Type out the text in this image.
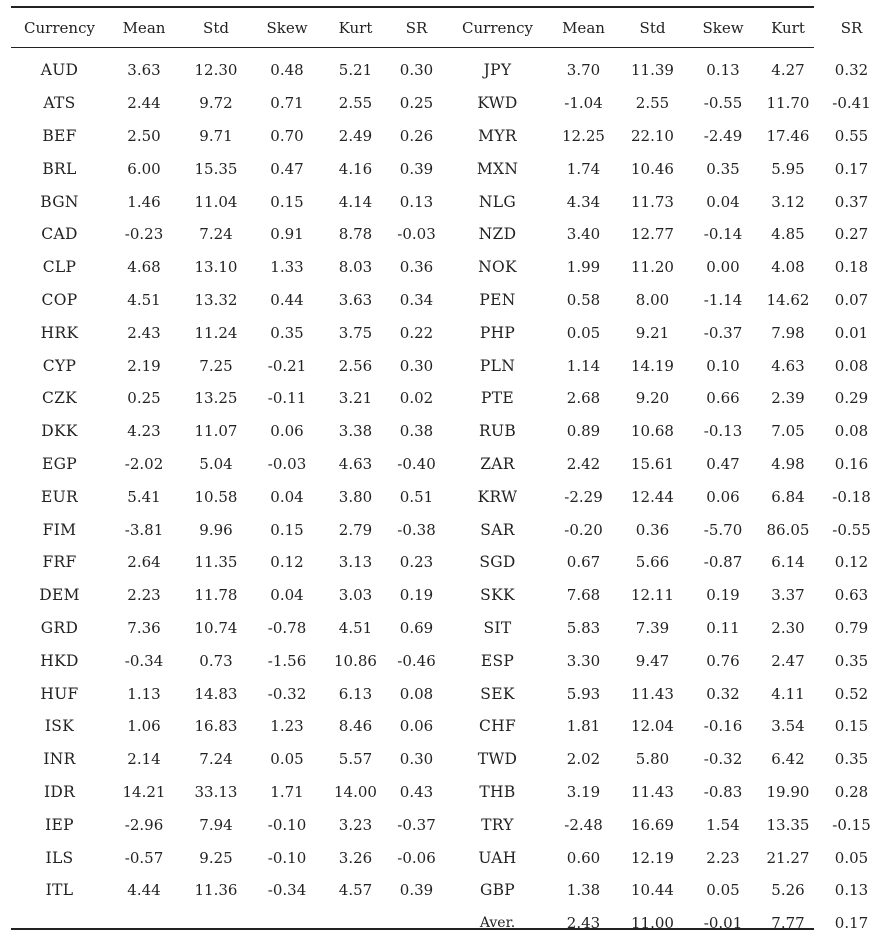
Currency	Mean	Std	Skew	Kurt	SR	Currency	Mean	Std	Skew	Kurt	SR
AUD	3.63	12.30	0.48	5.21	0.30	JPY	3.70	11.39	0.13	4.27	0.32
ATS	2.44	9.72	0.71	2.55	0.25	KWD	-1.04	2.55	-0.55	11.70	-0.41
BEF	2.50	9.71	0.70	2.49	0.26	MYR	12.25	22.10	-2.49	17.46	0.55
BRL	6.00	15.35	0.47	4.16	0.39	MXN	1.74	10.46	0.35	5.95	0.17
BGN	1.46	11.04	0.15	4.14	0.13	NLG	4.34	11.73	0.04	3.12	0.37
CAD	-0.23	7.24	0.91	8.78	-0.03	NZD	3.40	12.77	-0.14	4.85	0.27
CLP	4.68	13.10	1.33	8.03	0.36	NOK	1.99	11.20	0.00	4.08	0.18
COP	4.51	13.32	0.44	3.63	0.34	PEN	0.58	8.00	-1.14	14.62	0.07
HRK	2.43	11.24	0.35	3.75	0.22	PHP	0.05	9.21	-0.37	7.98	0.01
CYP	2.19	7.25	-0.21	2.56	0.30	PLN	1.14	14.19	0.10	4.63	0.08
CZK	0.25	13.25	-0.11	3.21	0.02	PTE	2.68	9.20	0.66	2.39	0.29
DKK	4.23	11.07	0.06	3.38	0.38	RUB	0.89	10.68	-0.13	7.05	0.08
EGP	-2.02	5.04	-0.03	4.63	-0.40	ZAR	2.42	15.61	0.47	4.98	0.16
EUR	5.41	10.58	0.04	3.80	0.51	KRW	-2.29	12.44	0.06	6.84	-0.18
FIM	-3.81	9.96	0.15	2.79	-0.38	SAR	-0.20	0.36	-5.70	86.05	-0.55
FRF	2.64	11.35	0.12	3.13	0.23	SGD	0.67	5.66	-0.87	6.14	0.12
DEM	2.23	11.78	0.04	3.03	0.19	SKK	7.68	12.11	0.19	3.37	0.63
GRD	7.36	10.74	-0.78	4.51	0.69	SIT	5.83	7.39	0.11	2.30	0.79
HKD	-0.34	0.73	-1.56	10.86	-0.46	ESP	3.30	9.47	0.76	2.47	0.35
HUF	1.13	14.83	-0.32	6.13	0.08	SEK	5.93	11.43	0.32	4.11	0.52
ISK	1.06	16.83	1.23	8.46	0.06	CHF	1.81	12.04	-0.16	3.54	0.15
INR	2.14	7.24	0.05	5.57	0.30	TWD	2.02	5.80	-0.32	6.42	0.35
IDR	14.21	33.13	1.71	14.00	0.43	THB	3.19	11.43	-0.83	19.90	0.28
IEP	-2.96	7.94	-0.10	3.23	-0.37	TRY	-2.48	16.69	1.54	13.35	-0.15
ILS	-0.57	9.25	-0.10	3.26	-0.06	UAH	0.60	12.19	2.23	21.27	0.05
ITL	4.44	11.36	-0.34	4.57	0.39	GBP	1.38	10.44	0.05	5.26	0.13
						Aver.	2.43	11.00	-0.01	7.77	0.17
